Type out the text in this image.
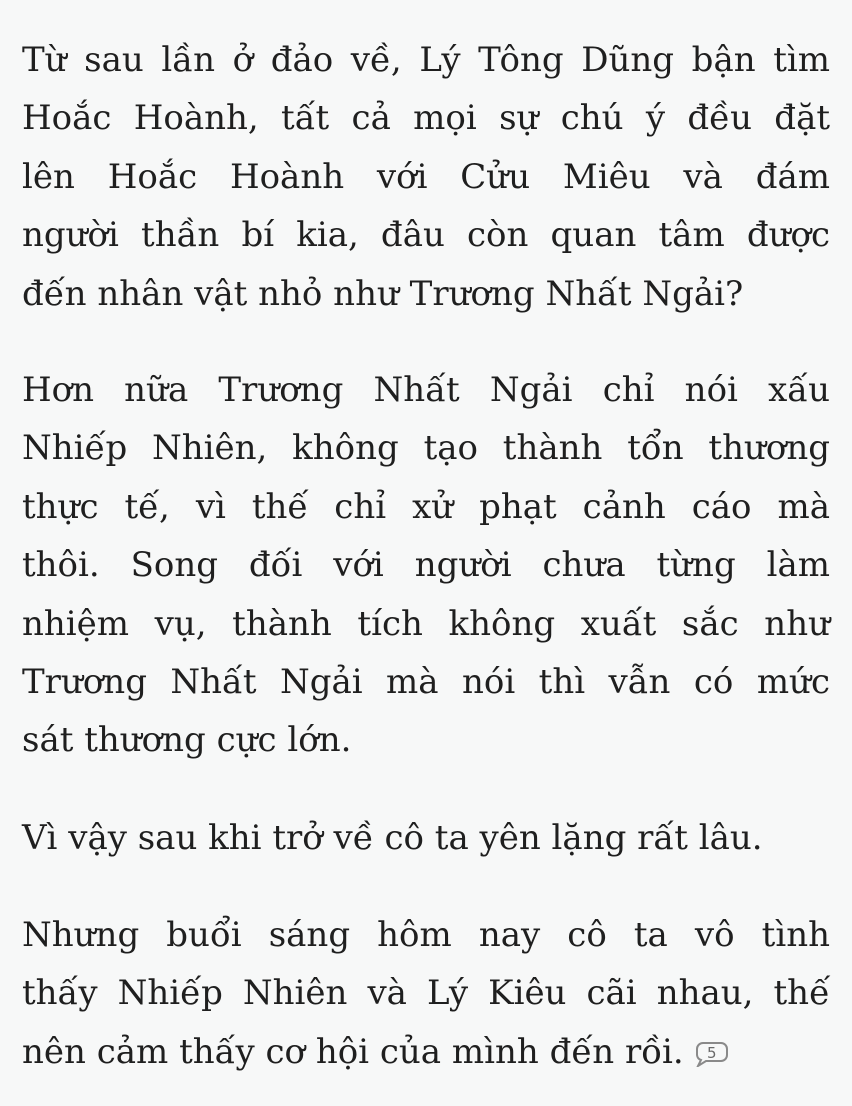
Từ sau lần ở đảo về, Lý Tông Dũng bận tìm
Hoắc Hoành, tất cả mọi sự chú ý đều đặt
lên Hoắc Hoành với Cửu Miêu và đám
người thần bí kia, đâu còn quan tâm được
đến nhân vật nhỏ như Trương Nhất Ngải?

Hơn nữa Trương Nhất Ngải chỉ nói xấu
Nhiếp Nhiên, không tạo thành tổn thương
thực tế, vì thế chỉ xử phạt cảnh cáo mà
thôi. Song đối với người chưa từng làm
nhiệm vụ, thành tích không xuất sắc như
Trương Nhất Ngải mà nói thì vẫn có mức
sát thương cực lớn.

Vì vậy sau khi trở về cô ta yên lặng rất lâu.

Nhưng buổi sáng hôm nay cô ta vô tình
thấy Nhiếp Nhiên và Lý Kiêu cãi nhau, thế
nên cảm thấy cơ hội của mình đến rồi. 5
